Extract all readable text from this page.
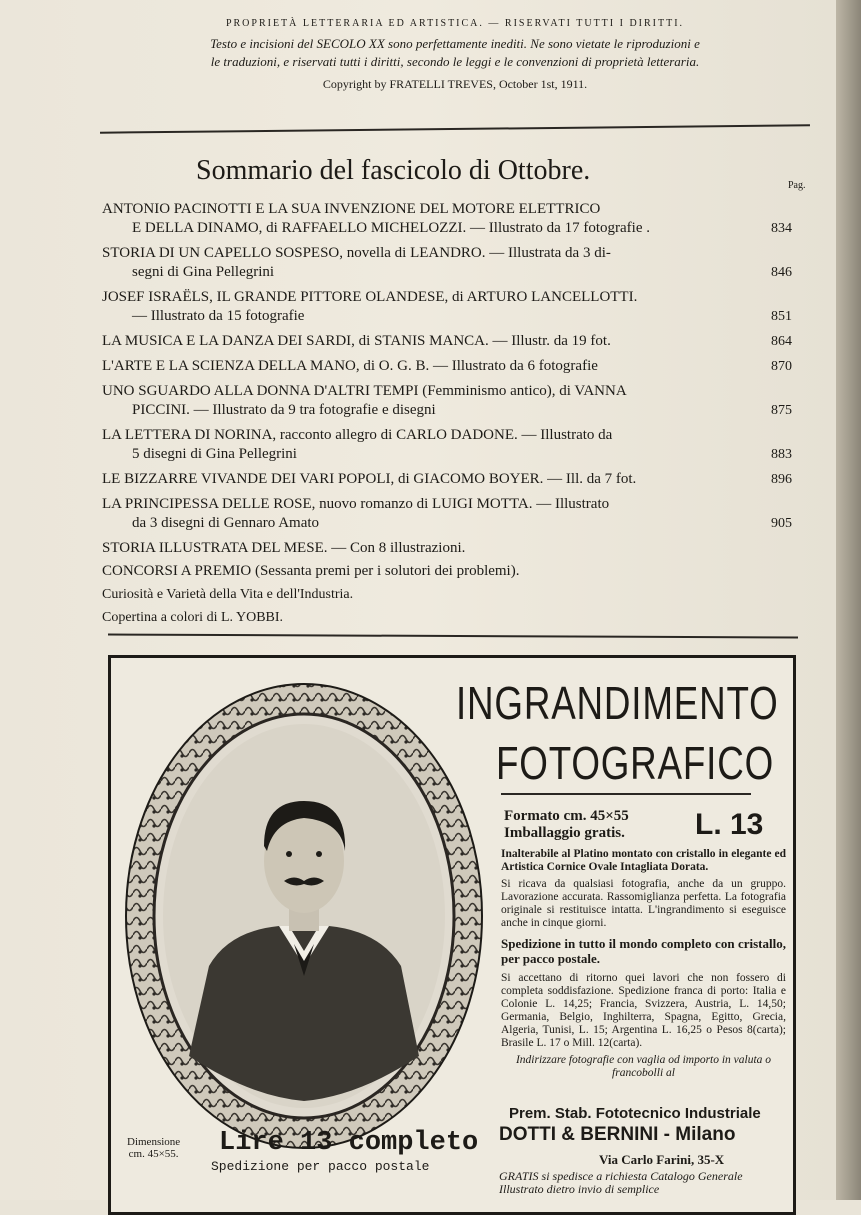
PROPRIETÀ LETTERARIA ED ARTISTICA. — RISERVATI TUTTI I DIRITTI.
Testo e incisioni del SECOLO XX sono perfettamente inediti. Ne sono vietate le riproduzioni e
le traduzioni, e riservati tutti i diritti, secondo le leggi e le convenzioni di proprietà letteraria.
Copyright by FRATELLI TREVES, October 1st, 1911.
Sommario del fascicolo di Ottobre.	Pag.
ANTONIO PACINOTTI E LA SUA INVENZIONE DEL MOTORE ELETTRICO
E DELLA DINAMO, di RAFFAELLO MICHELOZZI. — Illustrato da 17 fotografie .	834
STORIA DI UN CAPELLO SOSPESO, novella di LEANDRO. — Illustrata da 3 di-
segni di Gina Pellegrini	846
JOSEF ISRAËLS, IL GRANDE PITTORE OLANDESE, di ARTURO LANCELLOTTI.
— Illustrato da 15 fotografie	851
LA MUSICA E LA DANZA DEI SARDI, di STANIS MANCA. — Illustr. da 19 fot.	864
L'ARTE E LA SCIENZA DELLA MANO, di O. G. B. — Illustrato da 6 fotografie	870
UNO SGUARDO ALLA DONNA D'ALTRI TEMPI (Femminismo antico), di VANNA
PICCINI. — Illustrato da 9 tra fotografie e disegni	875
LA LETTERA DI NORINA, racconto allegro di CARLO DADONE. — Illustrato da
5 disegni di Gina Pellegrini	883
LE BIZZARRE VIVANDE DEI VARI POPOLI, di GIACOMO BOYER. — Ill. da 7 fot.	896
LA PRINCIPESSA DELLE ROSE, nuovo romanzo di LUIGI MOTTA. — Illustrato
da 3 disegni di Gennaro Amato	905
STORIA ILLUSTRATA DEL MESE. — Con 8 illustrazioni.
CONCORSI A PREMIO (Sessanta premi per i solutori dei problemi).
Curiosità e Varietà della Vita e dell'Industria.
Copertina a colori di L. YOBBI.
INGRANDIMENTO
FOTOGRAFICO
Formato cm. 45×55
Imballaggio gratis. L. 13

Inalterabile al Platino montato con cristallo in elegante ed Artistica Cornice Ovale Intagliata Dorata.

Si ricava da qualsiasi fotografia, anche da un gruppo. Lavorazione accurata. Rassomiglianza perfetta. La fotografia originale si restituisce intatta. L'ingrandimento si eseguisce anche in cinque giorni.

Spedizione in tutto il mondo completo con cristallo, per pacco postale.

Si accettano di ritorno quei lavori che non fossero di completa soddisfazione. Spedizione franca di porto: Italia e Colonie L. 14,25; Francia, Svizzera, Austria, L. 14,50; Germania, Belgio, Inghilterra, Spagna, Egitto, Grecia, Algeria, Tunisi, L. 15; Argentina L. 16,25 o Pesos 8(carta); Brasile L. 17 o Mill. 12(carta).

Indirizzare fotografie con vaglia od importo in valuta o francobolli al

Prem. Stab. Fototecnico Industriale
DOTTI & BERNINI - Milano
Via Carlo Farini, 35-X
GRATIS si spedisce a richiesta Catalogo Generale Illustrato dietro invio di semplice
Dimensione
cm. 45×55. Lire 13 completo
Spedizione per pacco postale
